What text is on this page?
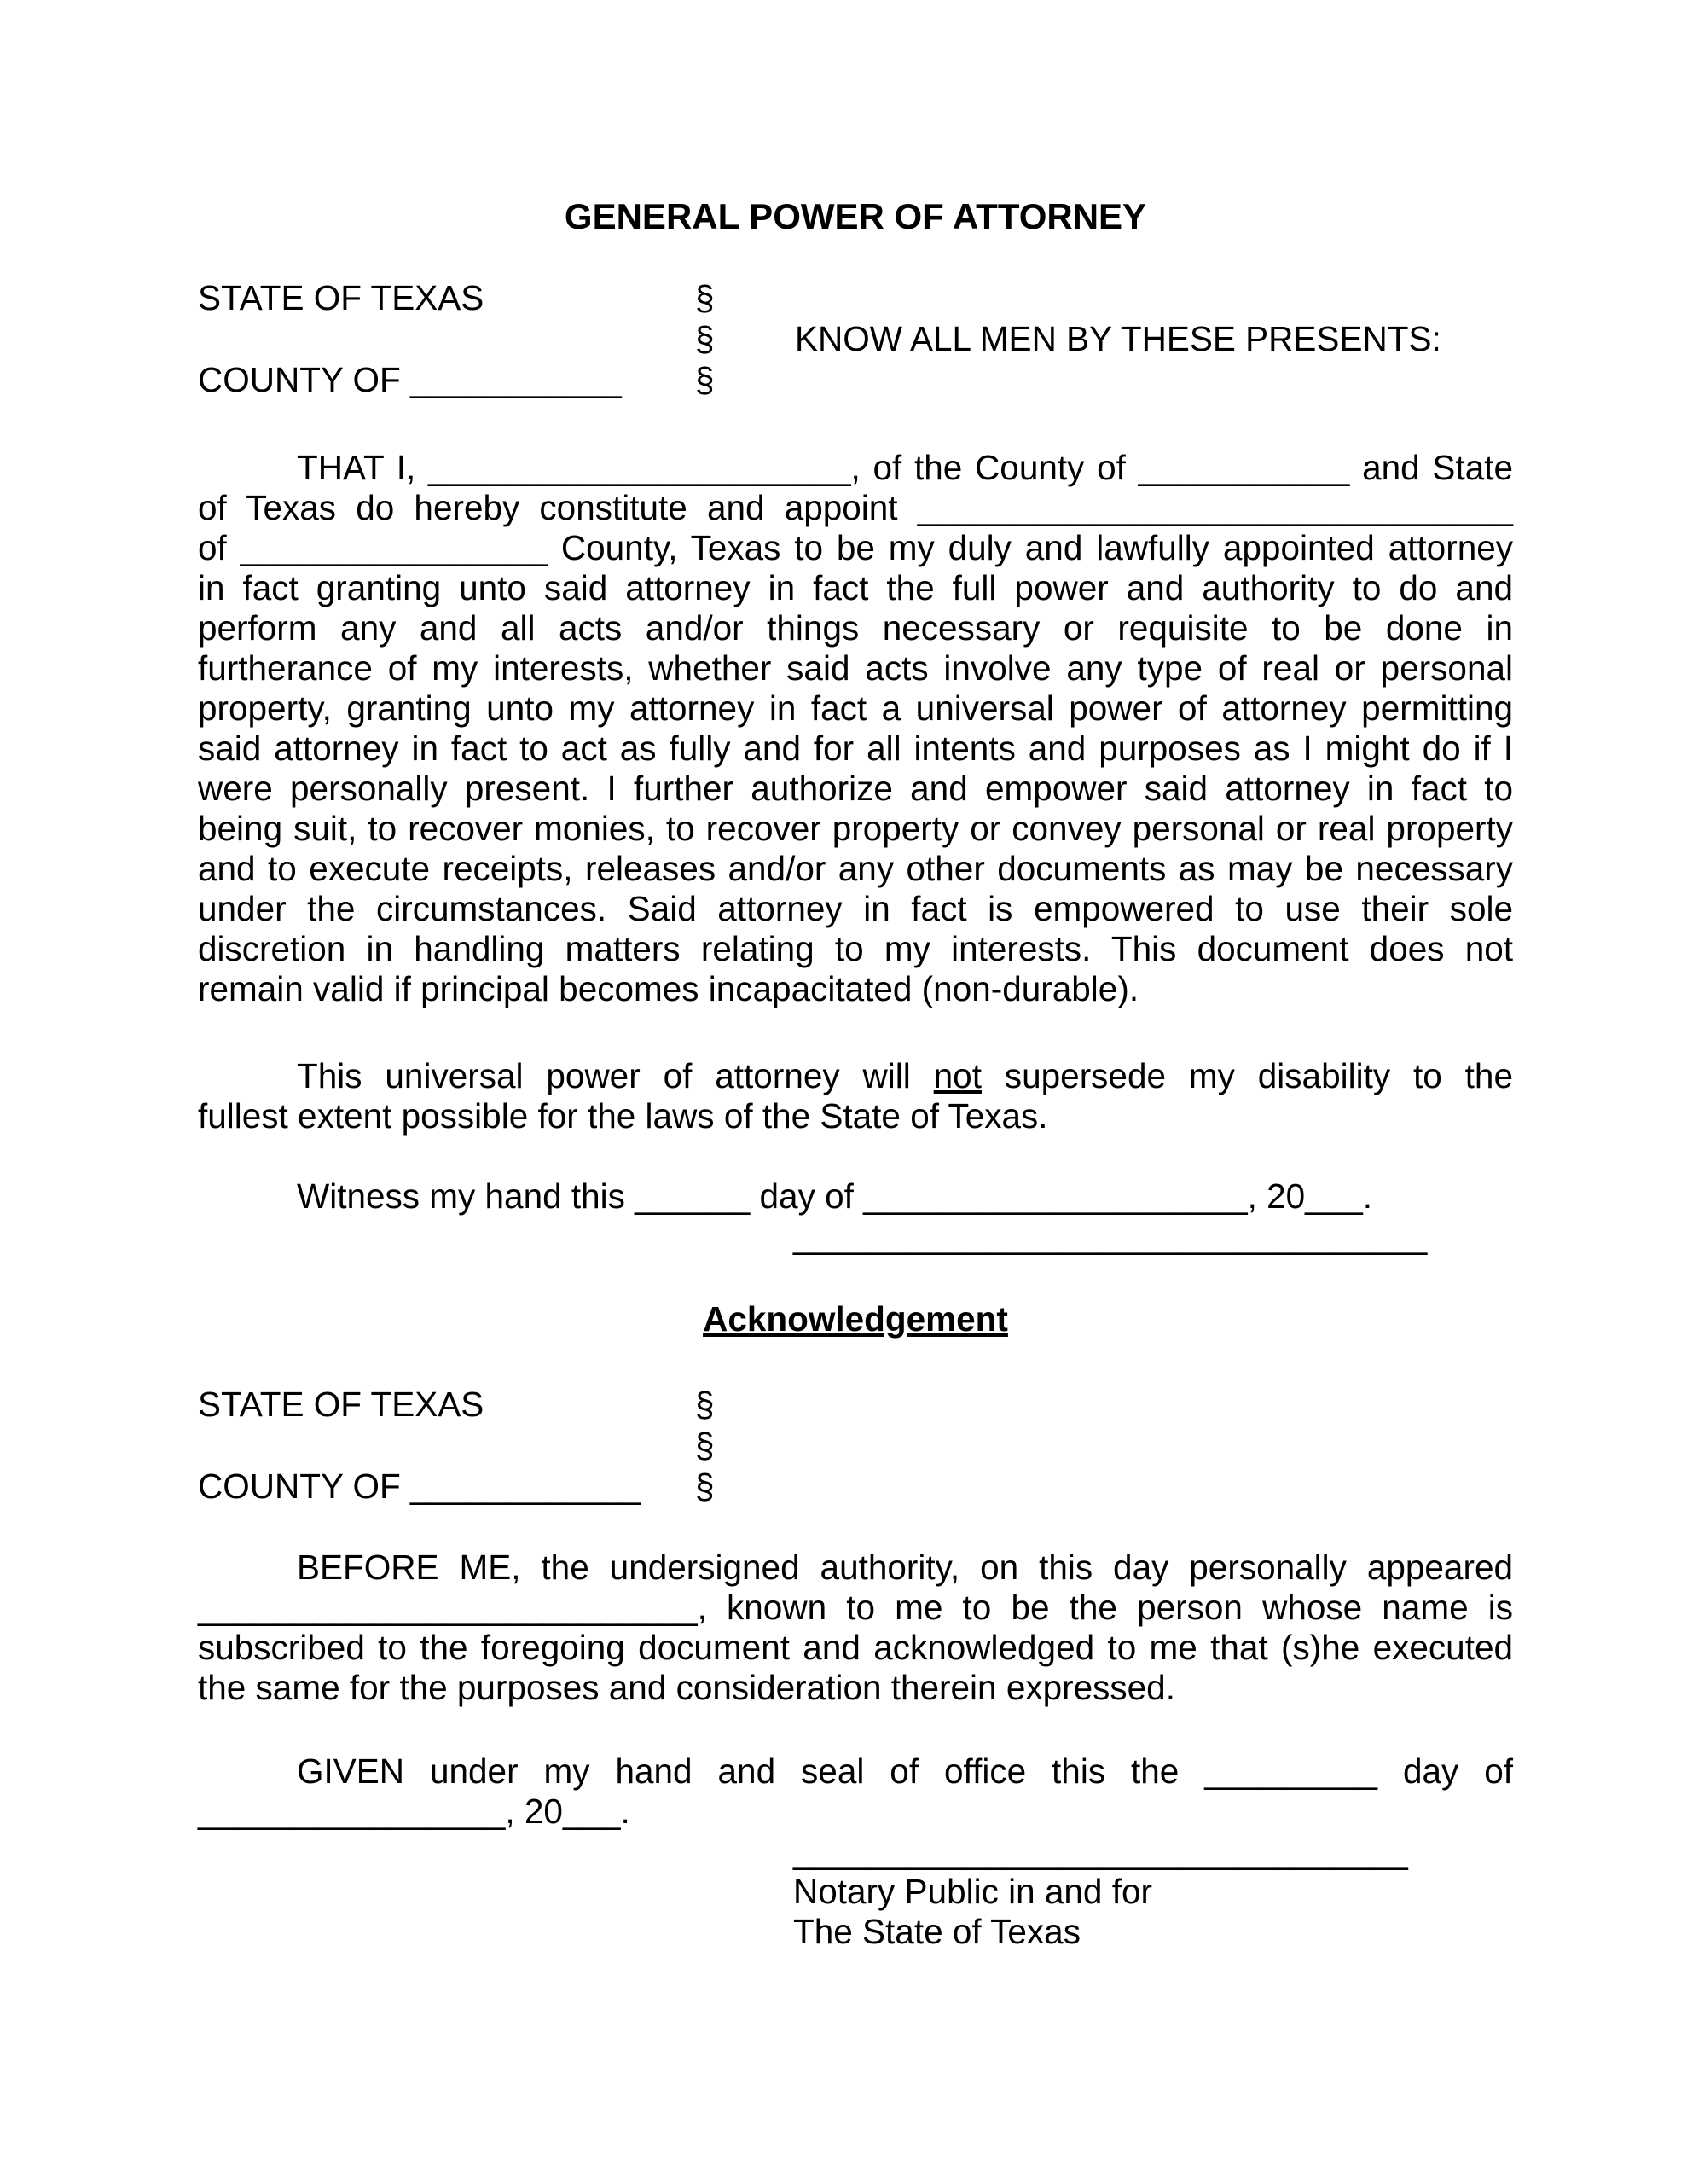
GENERAL POWER OF ATTORNEY
STATE OF TEXAS	§
§ KNOW ALL MEN BY THESE PRESENTS:
COUNTY OF ___________ §
THAT I, ______________________, of the County of ___________ and State
of Texas do hereby constitute and appoint _______________________________
of ________________ County, Texas to be my duly and lawfully appointed attorney
in fact granting unto said attorney in fact the full power and authority to do and
perform any and all acts and/or things necessary or requisite to be done in
furtherance of my interests, whether said acts involve any type of real or personal
property, granting unto my attorney in fact a universal power of attorney permitting
said attorney in fact to act as fully and for all intents and purposes as I might do if I
were personally present. I further authorize and empower said attorney in fact to
being suit, to recover monies, to recover property or convey personal or real property
and to execute receipts, releases and/or any other documents as may be necessary
under the circumstances. Said attorney in fact is empowered to use their sole
discretion in handling matters relating to my interests. This document does not
remain valid if principal becomes incapacitated (non-durable).
This universal power of attorney will not supersede my disability to the
fullest extent possible for the laws of the State of Texas.
Witness my hand this ______ day of ____________________, 20___.
_________________________________
Acknowledgement
STATE OF TEXAS	§
§
COUNTY OF ____________ §
BEFORE ME, the undersigned authority, on this day personally appeared
__________________________, known to me to be the person whose name is
subscribed to the foregoing document and acknowledged to me that (s)he executed
the same for the purposes and consideration therein expressed.
GIVEN under my hand and seal of office this the _________ day of
________________, 20___.
________________________________
Notary Public in and for
The State of Texas
